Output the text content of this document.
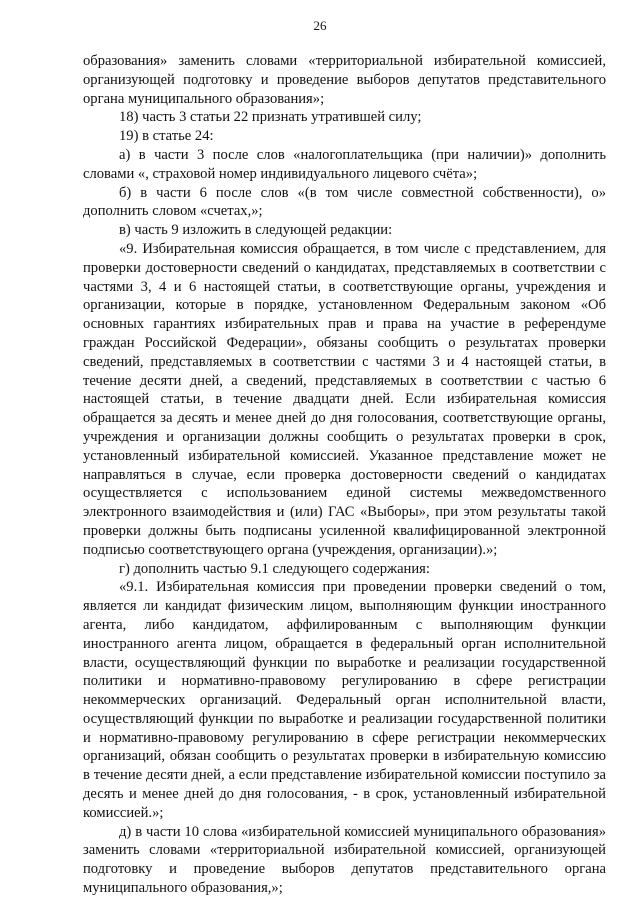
26

образования» заменить словами «территориальной избирательной комиссией, организующей подготовку и проведение выборов депутатов представительного органа муниципального образования»;

18) часть 3 статьи 22 признать утратившей силу;

19) в статье 24:

а) в части 3 после слов «налогоплательщика (при наличии)» дополнить словами «, страховой номер индивидуального лицевого счёта»;

б) в части 6 после слов «(в том числе совместной собственности), о» дополнить словом «счетах,»;

в) часть 9 изложить в следующей редакции:

«9. Избирательная комиссия обращается, в том числе с представлением, для проверки достоверности сведений о кандидатах, представляемых в соответствии с частями 3, 4 и 6 настоящей статьи, в соответствующие органы, учреждения и организации, которые в порядке, установленном Федеральным законом «Об основных гарантиях избирательных прав и права на участие в референдуме граждан Российской Федерации», обязаны сообщить о результатах проверки сведений, представляемых в соответствии с частями 3 и 4 настоящей статьи, в течение десяти дней, а сведений, представляемых в соответствии с частью 6 настоящей статьи, в течение двадцати дней. Если избирательная комиссия обращается за десять и менее дней до дня голосования, соответствующие органы, учреждения и организации должны сообщить о результатах проверки в срок, установленный избирательной комиссией. Указанное представление может не направляться в случае, если проверка достоверности сведений о кандидатах осуществляется с использованием единой системы межведомственного электронного взаимодействия и (или) ГАС «Выборы», при этом результаты такой проверки должны быть подписаны усиленной квалифицированной электронной подписью соответствующего органа (учреждения, организации).»;

г) дополнить частью 9.1 следующего содержания:

«9.1. Избирательная комиссия при проведении проверки сведений о том, является ли кандидат физическим лицом, выполняющим функции иностранного агента, либо кандидатом, аффилированным с выполняющим функции иностранного агента лицом, обращается в федеральный орган исполнительной власти, осуществляющий функции по выработке и реализации государственной политики и нормативно-правовому регулированию в сфере регистрации некоммерческих организаций. Федеральный орган исполнительной власти, осуществляющий функции по выработке и реализации государственной политики и нормативно-правовому регулированию в сфере регистрации некоммерческих организаций, обязан сообщить о результатах проверки в избирательную комиссию в течение десяти дней, а если представление избирательной комиссии поступило за десять и менее дней до дня голосования, - в срок, установленный избирательной комиссией.»;

д) в части 10 слова «избирательной комиссией муниципального образования» заменить словами «территориальной избирательной комиссией, организующей подготовку и проведение выборов депутатов представительного органа муниципального образования,»;
